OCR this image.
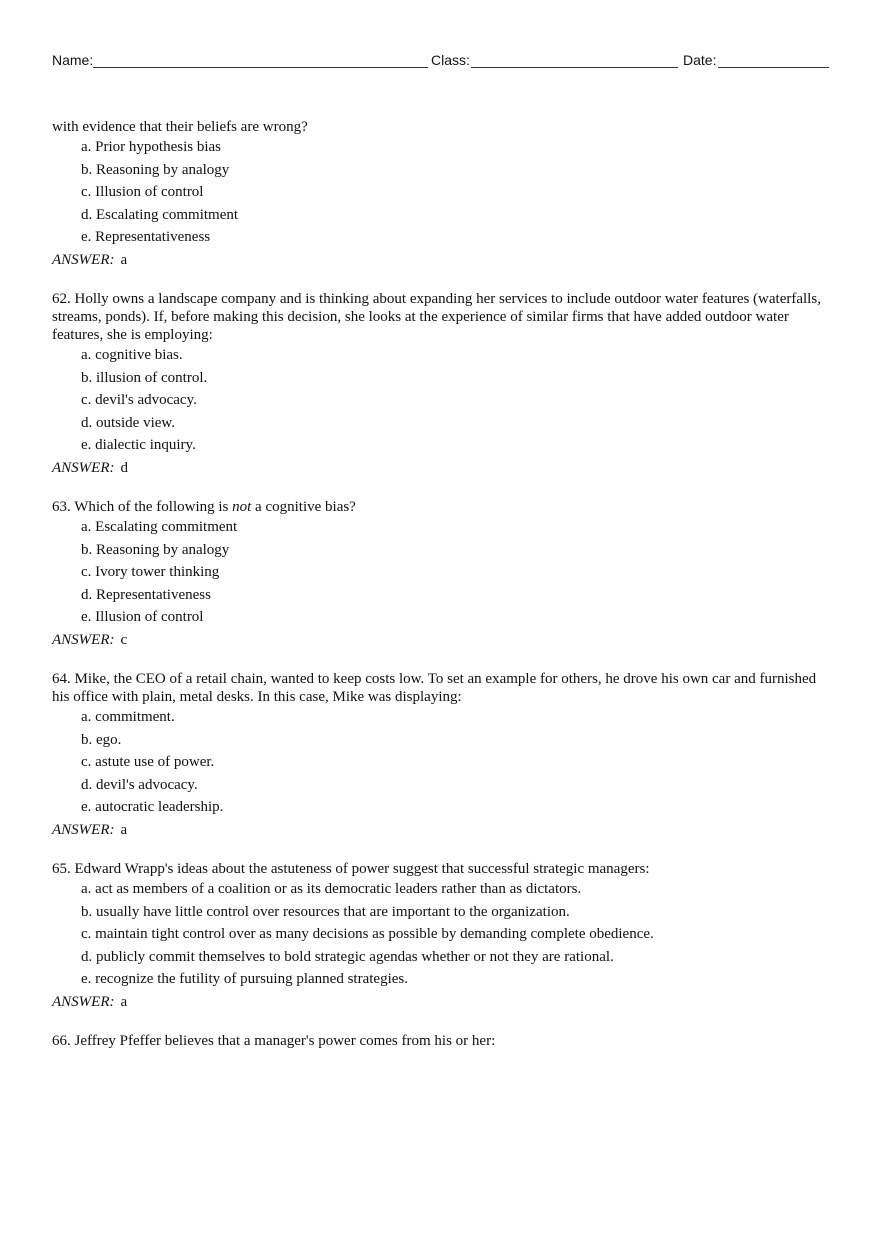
Name:	Class:	Date:
with evidence that their beliefs are wrong?
a. Prior hypothesis bias
b. Reasoning by analogy
c. Illusion of control
d. Escalating commitment
e. Representativeness
ANSWER: a
62. Holly owns a landscape company and is thinking about expanding her services to include outdoor water features (waterfalls, streams, ponds). If, before making this decision, she looks at the experience of similar firms that have added outdoor water features, she is employing:
a. cognitive bias.
b. illusion of control.
c. devil's advocacy.
d. outside view.
e. dialectic inquiry.
ANSWER: d
63. Which of the following is not a cognitive bias?
a. Escalating commitment
b. Reasoning by analogy
c. Ivory tower thinking
d. Representativeness
e. Illusion of control
ANSWER: c
64. Mike, the CEO of a retail chain, wanted to keep costs low. To set an example for others, he drove his own car and furnished his office with plain, metal desks. In this case, Mike was displaying:
a. commitment.
b. ego.
c. astute use of power.
d. devil's advocacy.
e. autocratic leadership.
ANSWER: a
65. Edward Wrapp's ideas about the astuteness of power suggest that successful strategic managers:
a. act as members of a coalition or as its democratic leaders rather than as dictators.
b. usually have little control over resources that are important to the organization.
c. maintain tight control over as many decisions as possible by demanding complete obedience.
d. publicly commit themselves to bold strategic agendas whether or not they are rational.
e. recognize the futility of pursuing planned strategies.
ANSWER: a
66. Jeffrey Pfeffer believes that a manager's power comes from his or her:
